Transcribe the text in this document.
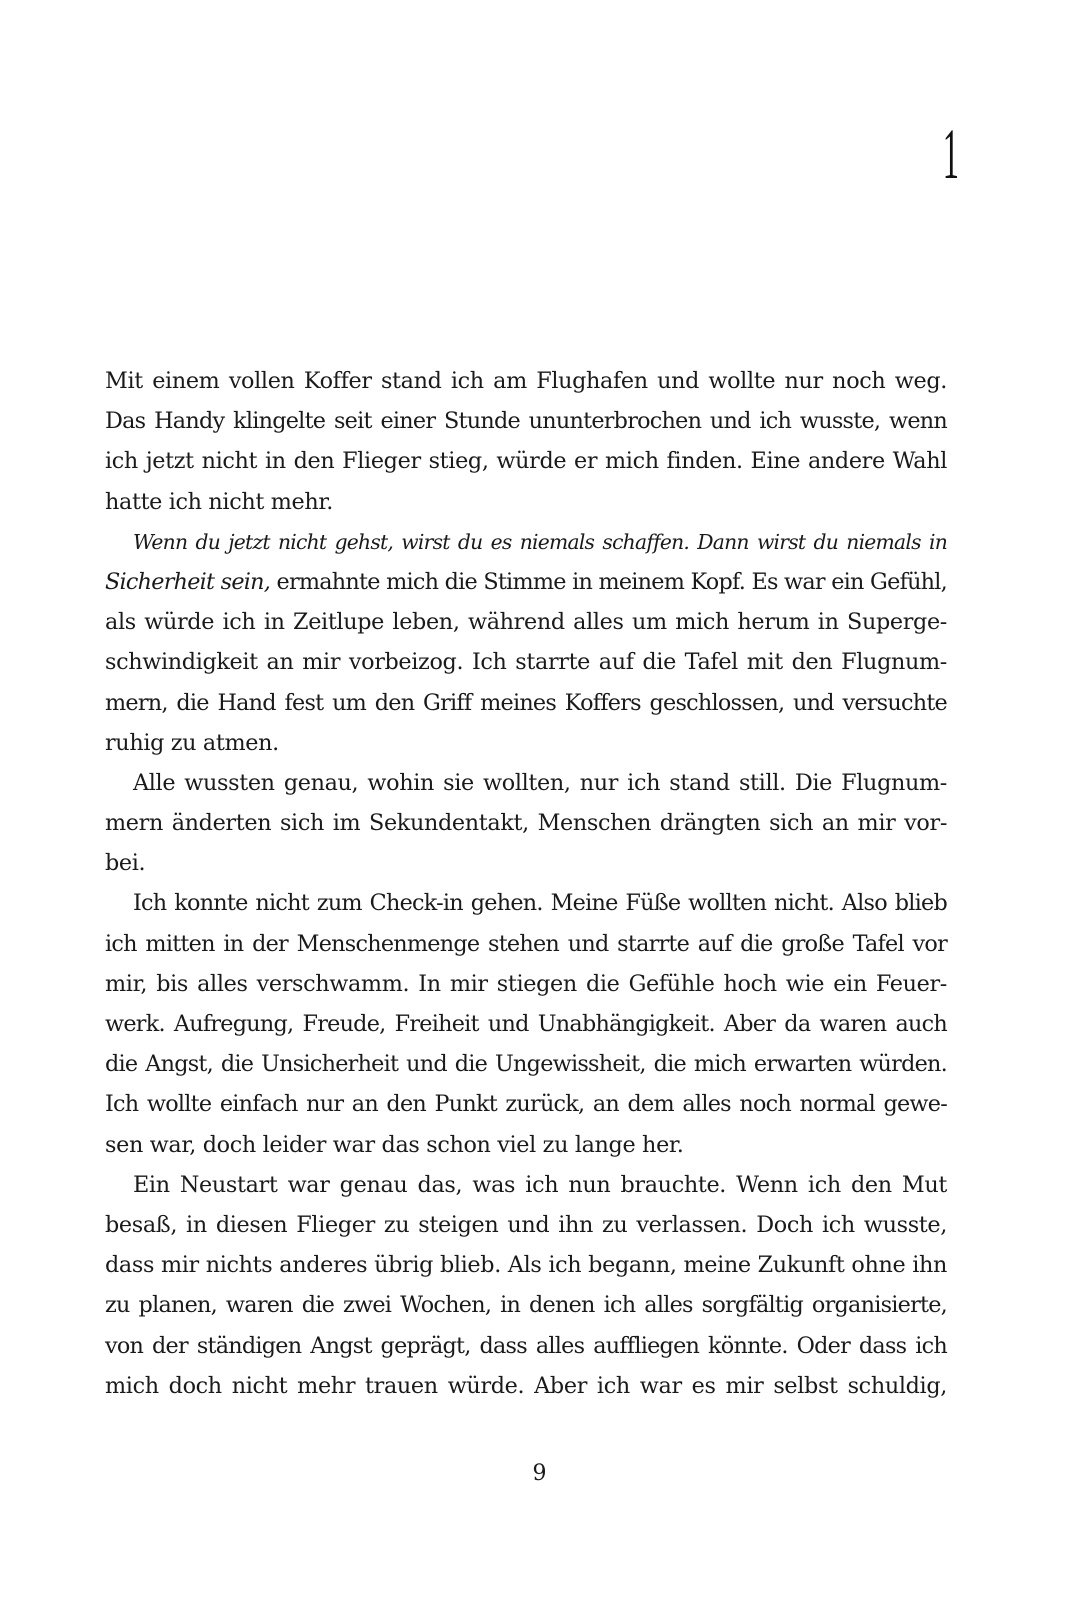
1
Mit einem vollen Koffer stand ich am Flughafen und wollte nur noch weg.
Das Handy klingelte seit einer Stunde ununterbrochen und ich wusste, wenn
ich jetzt nicht in den Flieger stieg, würde er mich finden. Eine andere Wahl
hatte ich nicht mehr.
Wenn du jetzt nicht gehst, wirst du es niemals schaffen. Dann wirst du niemals in
Sicherheit sein, ermahnte mich die Stimme in meinem Kopf. Es war ein Gefühl,
als würde ich in Zeitlupe leben, während alles um mich herum in Superge-
schwindigkeit an mir vorbeizog. Ich starrte auf die Tafel mit den Flugnum-
mern, die Hand fest um den Griff meines Koffers geschlossen, und versuchte
ruhig zu atmen.
Alle wussten genau, wohin sie wollten, nur ich stand still. Die Flugnum-
mern änderten sich im Sekundentakt, Menschen drängten sich an mir vor-
bei.
Ich konnte nicht zum Check-in gehen. Meine Füße wollten nicht. Also blieb
ich mitten in der Menschenmenge stehen und starrte auf die große Tafel vor
mir, bis alles verschwamm. In mir stiegen die Gefühle hoch wie ein Feuer-
werk. Aufregung, Freude, Freiheit und Unabhängigkeit. Aber da waren auch
die Angst, die Unsicherheit und die Ungewissheit, die mich erwarten würden.
Ich wollte einfach nur an den Punkt zurück, an dem alles noch normal gewe-
sen war, doch leider war das schon viel zu lange her.
Ein Neustart war genau das, was ich nun brauchte. Wenn ich den Mut
besaß, in diesen Flieger zu steigen und ihn zu verlassen. Doch ich wusste,
dass mir nichts anderes übrig blieb. Als ich begann, meine Zukunft ohne ihn
zu planen, waren die zwei Wochen, in denen ich alles sorgfältig organisierte,
von der ständigen Angst geprägt, dass alles auffliegen könnte. Oder dass ich
mich doch nicht mehr trauen würde. Aber ich war es mir selbst schuldig,
9
